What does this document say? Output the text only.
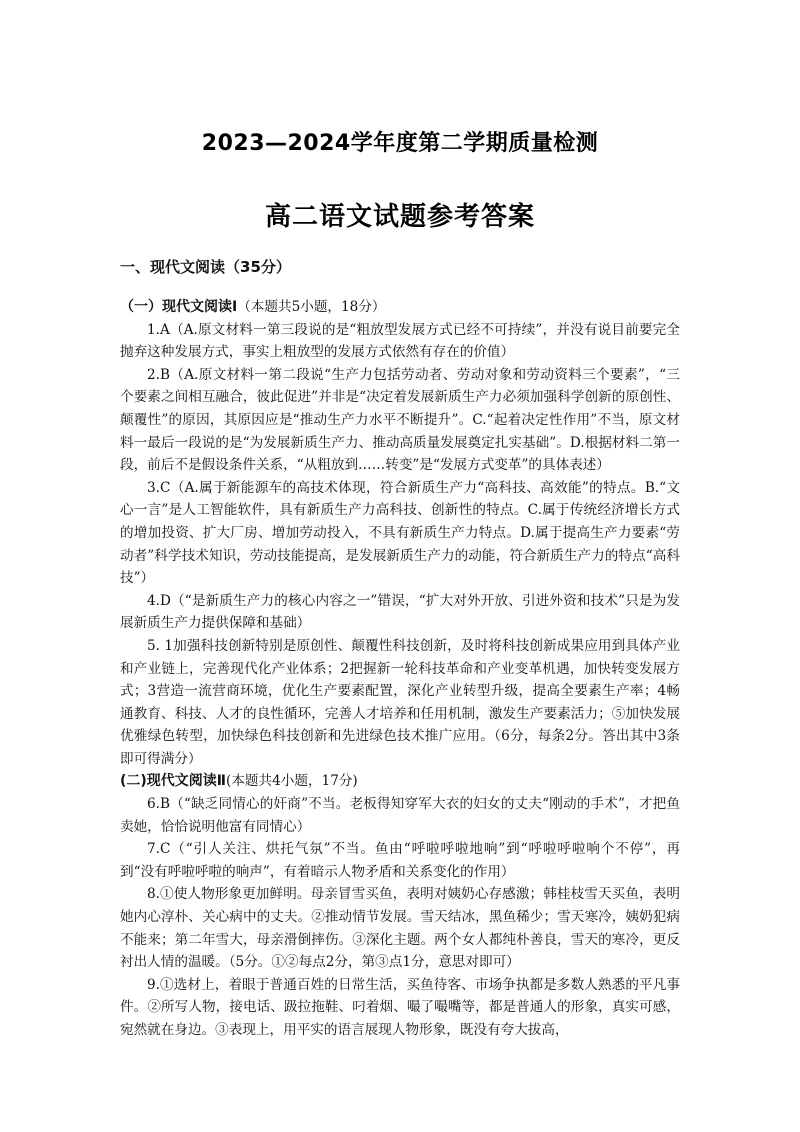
2023—2024学年度第二学期质量检测
高二语文试题参考答案
一、现代文阅读（35分）

（一）现代文阅读Ⅰ（本题共5小题，18分）

1.A（A.原文材料一第三段说的是“粗放型发展方式已经不可持续”，并没有说目前要完全抛弃这种发展方式，事实上粗放型的发展方式依然有存在的价值）

2.B（A.原文材料一第二段说“生产力包括劳动者、劳动对象和劳动资料三个要素”，“三个要素之间相互融合，彼此促进”并非是“决定着发展新质生产力必须加强科学创新的原创性、颠覆性”的原因，其原因应是“推动生产力水平不断提升”。C.“起着决定性作用”不当，原文材料一最后一段说的是“为发展新质生产力、推动高质量发展奠定扎实基础”。D.根据材料二第一段，前后不是假设条件关系，“从粗放到……转变”是“发展方式变革”的具体表述）

3.C（A.属于新能源车的高技术体现，符合新质生产力“高科技、高效能”的特点。B.“文心一言”是人工智能软件，具有新质生产力高科技、创新性的特点。C.属于传统经济增长方式的增加投资、扩大厂房、增加劳动投入，不具有新质生产力特点。D.属于提高生产力要素“劳动者”科学技术知识，劳动技能提高，是发展新质生产力的动能，符合新质生产力的特点“高科技”）

4.D（“是新质生产力的核心内容之一”错误，“扩大对外开放、引进外资和技术”只是为发展新质生产力提供保障和基础）

5. 1加强科技创新特别是原创性、颠覆性科技创新，及时将科技创新成果应用到具体产业和产业链上，完善现代化产业体系；2把握新一轮科技革命和产业变革机遇，加快转变发展方式；3营造一流营商环境，优化生产要素配置，深化产业转型升级，提高全要素生产率；4畅通教育、科技、人才的良性循环，完善人才培养和任用机制，激发生产要素活力；⑤加快发展优雅绿色转型，加快绿色科技创新和先进绿色技术推广应用。（6分，每条2分。答出其中3条即可得满分）

(二)现代文阅读Ⅱ(本题共4小题，17分)

6.B（“缺乏同情心的奸商”不当。老板得知穿军大衣的妇女的丈夫“刚动的手术”，才把鱼卖她，恰恰说明他富有同情心）

7.C（“引人关注、烘托气氛”不当。鱼由“呼啦呼啦地响”到“呼啦呼啦响个不停”，再到“没有呼啦呼啦的响声”，有着暗示人物矛盾和关系变化的作用）

8.①使人物形象更加鲜明。母亲冒雪买鱼，表明对姨奶心存感激；韩桂枝雪天买鱼，表明她内心淳朴、关心病中的丈夫。②推动情节发展。雪天结冰，黑鱼稀少；雪天寒冷，姨奶犯病不能来；第二年雪大，母亲滑倒摔伤。③深化主题。两个女人都纯朴善良，雪天的寒冷，更反衬出人情的温暖。（5分。①②每点2分，第③点1分，意思对即可）

9.①选材上，着眼于普通百姓的日常生活，买鱼待客、市场争执都是多数人熟悉的平凡事件。②所写人物，接电话、趿拉拖鞋、叼着烟、嘬了嘬嘴等，都是普通人的形象，真实可感，宛然就在身边。③表现上，用平实的语言展现人物形象，既没有夸大拔高，
